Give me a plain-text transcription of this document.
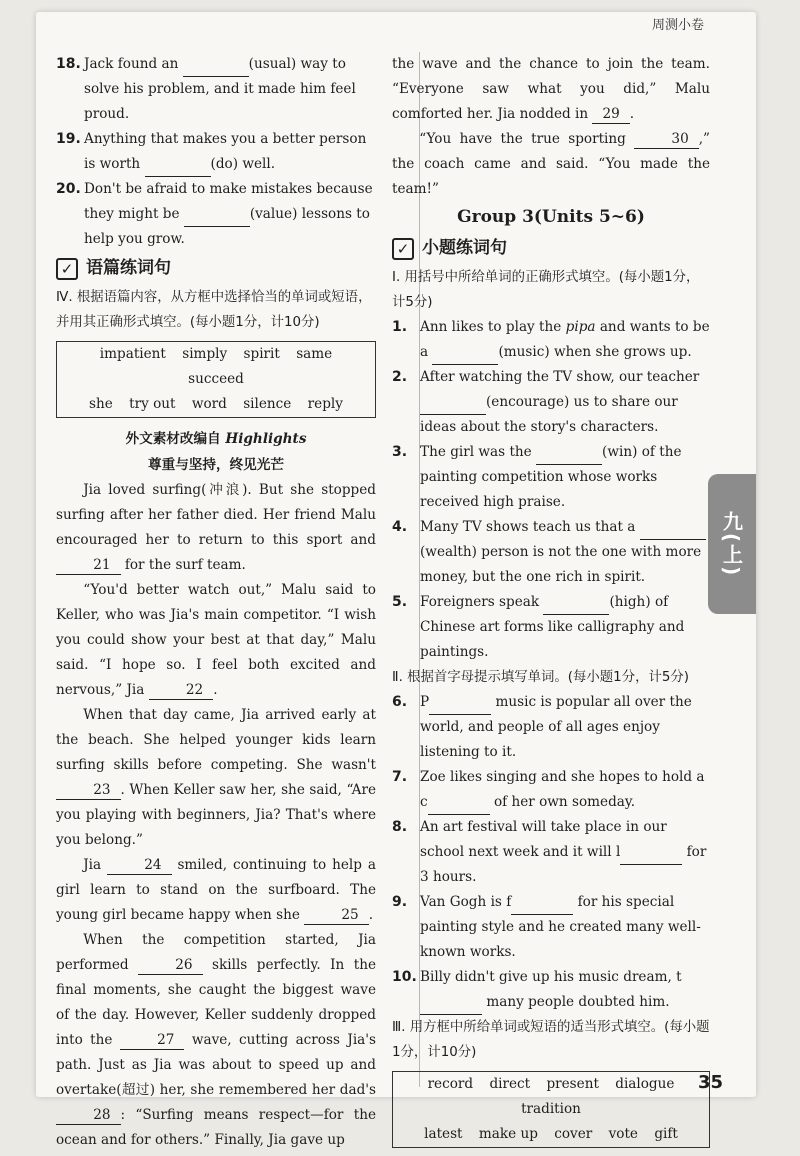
周测小卷
九(上)
35
18. Jack found an	(usual) way to solve his problem, and it made him feel proud.
19. Anything that makes you a better person is worth	(do) well.
20. Don't be afraid to make mistakes because they might be	(value) lessons to help you grow.
✓ 语篇练词句
Ⅳ. 根据语篇内容，从方框中选择恰当的单词或短语，并用其正确形式填空。(每小题1分，计10分)
impatient simply spirit same succeed
she try out word silence reply
外文素材改编自 Highlights
尊重与坚持，终见光芒

Jia loved surfing(冲浪). But she stopped surfing after her father died. Her friend Malu encouraged her to return to this sport and 21 for the surf team.

“You'd better watch out,” Malu said to Keller, who was Jia's main competitor. “I wish you could show your best at that day,” Malu said. “I hope so. I feel both excited and nervous,” Jia	22 .

When that day came, Jia arrived early at the beach. She helped younger kids learn surfing skills before competing. She wasn't 23 . When Keller saw her, she said, “Are you playing with beginners, Jia? That's where you belong.”

Jia	24 smiled, continuing to help a girl learn to stand on the surfboard. The young girl became happy when she	25 .

When the competition started, Jia performed	26 skills perfectly. In the final moments, she caught the biggest wave of the day. However, Keller suddenly dropped into the	27 wave, cutting across Jia's path. Just as Jia was about to speed up and overtake(超过) her, she remembered her dad's 28 : “Surfing means respect—for the ocean and for others.” Finally, Jia gave up

the wave and the chance to join the team. “Everyone saw what you did,” Malu comforted her. Jia nodded in 29 .

“You have the true sporting	30 ,” the coach came and said. “You made the team!”

Group 3(Units 5~6)
✓ 小题练词句
Ⅰ. 用括号中所给单词的正确形式填空。(每小题1分，计5分)
1. Ann likes to play the pipa and wants to be a	(music) when she grows up.
2. After watching the TV show, our teacher (encourage) us to share our ideas about the story's characters.
3. The girl was the	(win) of the painting competition whose works received high praise.
4. Many TV shows teach us that a (wealth) person is not the one with more money, but the one rich in spirit.
5. Foreigners speak	(high) of Chinese art forms like calligraphy and paintings.
Ⅱ. 根据首字母提示填写单词。(每小题1分，计5分)
6. P	music is popular all over the world, and people of all ages enjoy listening to it.
7. Zoe likes singing and she hopes to hold a c	of her own someday.
8. An art festival will take place in our school next week and it will l	for 3 hours.
9. Van Gogh is f	for his special painting style and he created many well-known works.
10. Billy didn't give up his music dream, t many people doubted him.
Ⅲ. 用方框中所给单词或短语的适当形式填空。(每小题1分，计10分)
record direct present dialogue tradition
latest make up cover vote gift
